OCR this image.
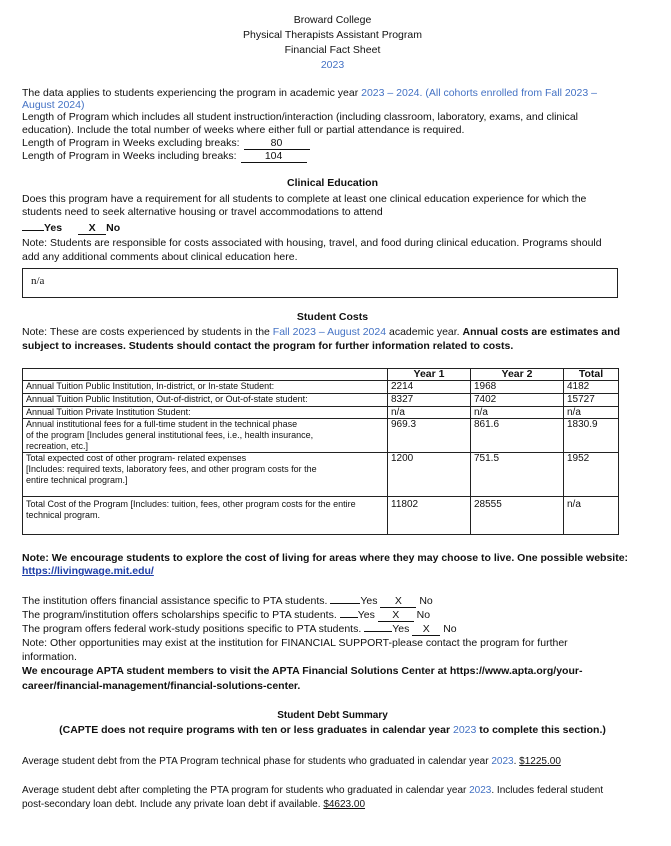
Broward College
Physical Therapists Assistant Program
Financial Fact Sheet
2023
The data applies to students experiencing the program in academic year 2023 – 2024. (All cohorts enrolled from Fall 2023 –
August 2024)
Length of Program which includes all student instruction/interaction (including classroom, laboratory, exams, and clinical
education). Include the total number of weeks where either full or partial attendance is required.
Length of Program in Weeks excluding breaks:	80
Length of Program in Weeks including breaks:	104
Clinical Education
Does this program have a requirement for all students to complete at least one clinical education experience for which the
students need to seek alternative housing or travel accommodations to attend
Yes	X No
Note: Students are responsible for costs associated with housing, travel, and food during clinical education. Programs should
add any additional comments about clinical education here.
n/a
Student Costs
Note: These are costs experienced by students in the Fall 2023 – August 2024 academic year. Annual costs are estimates and
subject to increases. Students should contact the program for further information related to costs.
	Year 1	Year 2	Total
Annual Tuition Public Institution, In-district, or In-state Student:	2214	1968	4182
Annual Tuition Public Institution, Out-of-district, or Out-of-state student:	8327	7402	15727
Annual Tuition Private Institution Student:	n/a	n/a	n/a

Annual institutional fees for a full-time student in the technical phase
of the program [Includes general institutional fees, i.e., health insurance,
recreation, etc.]	969.3	861.6	1830.9

Total expected cost of other program- related expenses
[Includes: required texts, laboratory fees, and other program costs for the
entire technical program.]	1200	751.5	1952

Total Cost of the Program [Includes: tuition, fees, other program costs for the entire
technical program.	11802	28555	n/a
Note: We encourage students to explore the cost of living for areas where they may choose to live. One possible website:
https://livingwage.mit.edu/
The institution offers financial assistance specific to PTA students.	Yes X No
The program/institution offers scholarships specific to PTA students. Yes X No
The program offers federal work-study positions specific to PTA students.	Yes X No
Note: Other opportunities may exist at the institution for FINANCIAL SUPPORT-please contact the program for further
information.
We encourage APTA student members to visit the APTA Financial Solutions Center at https://www.apta.org/your-
career/financial-management/financial-solutions-center.
Student Debt Summary
(CAPTE does not require programs with ten or less graduates in calendar year 2023 to complete this section.)
Average student debt from the PTA Program technical phase for students who graduated in calendar year 2023. $1225.00
Average student debt after completing the PTA program for students who graduated in calendar year 2023. Includes federal student
post-secondary loan debt. Include any private loan debt if available. $4623.00
